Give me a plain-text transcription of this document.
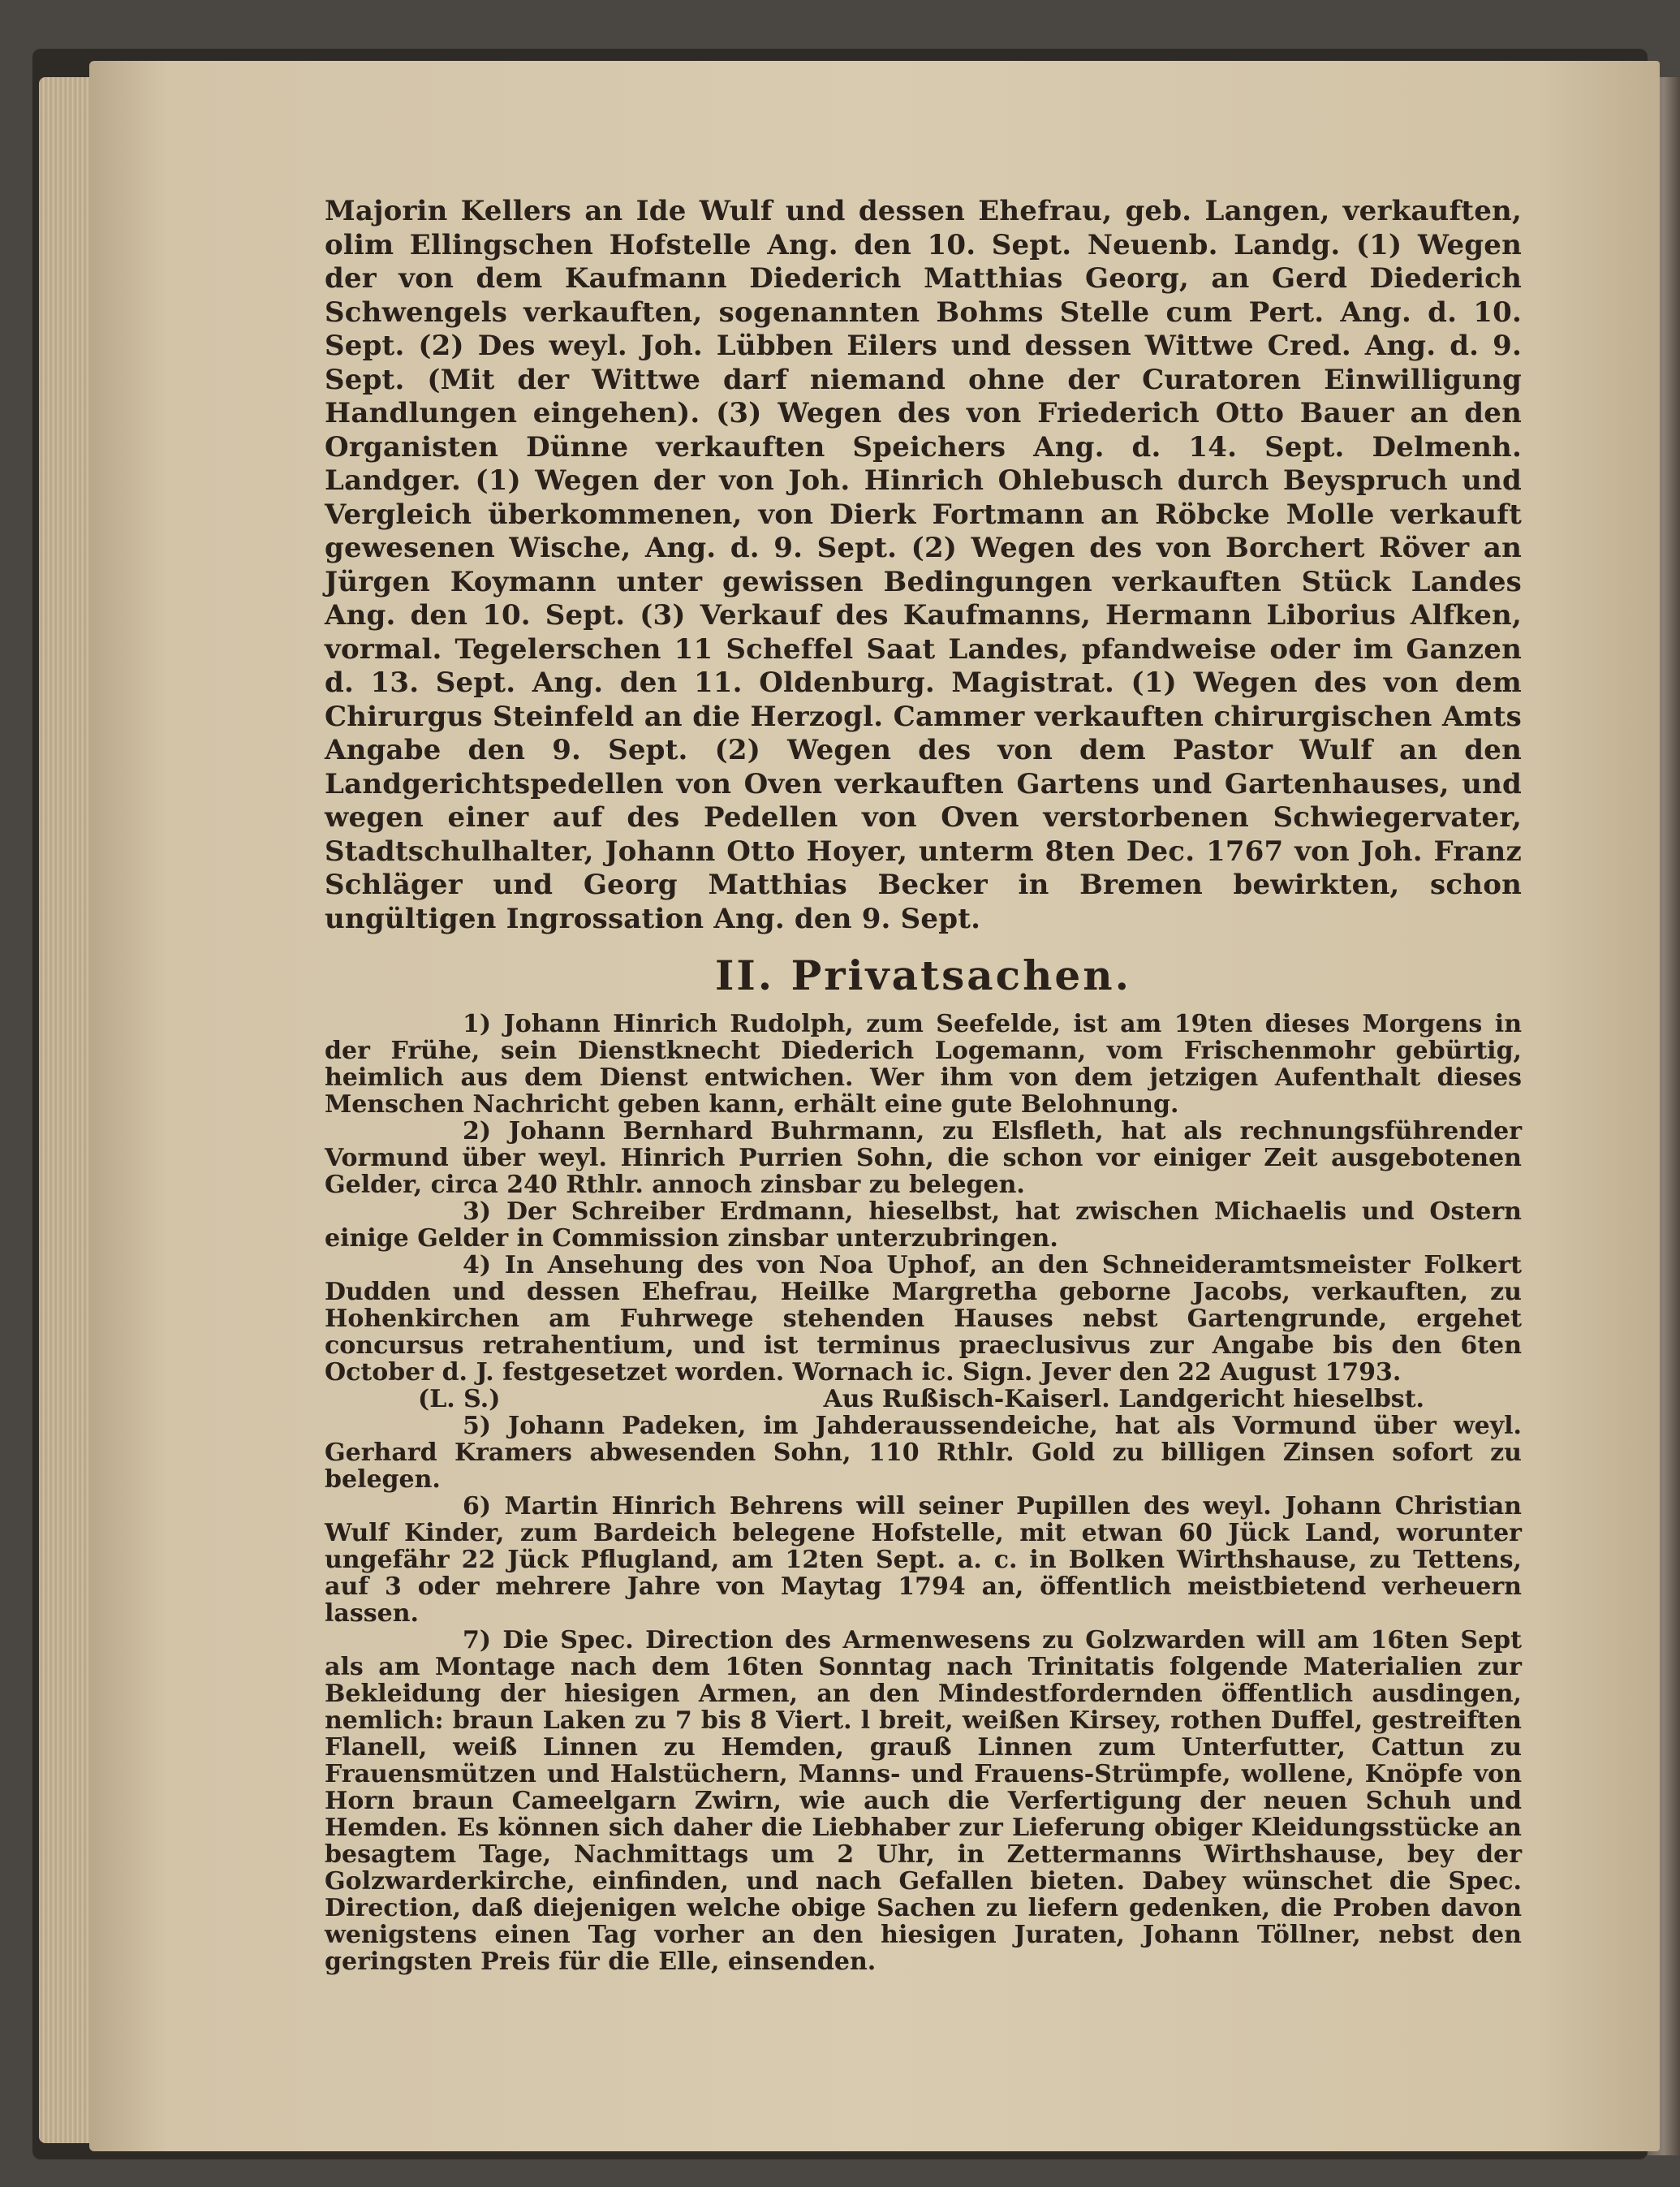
Majorin Kellers an Ide Wulf und dessen Ehefrau, geb. Langen, verkauften, olim Ellingschen Hofstelle Ang. den 10. Sept. Neuenb. Landg. (1) Wegen der von dem Kaufmann Diederich Matthias Georg, an Gerd Diederich Schwengels verkauften, sogenannten Bohms Stelle cum Pert. Ang. d. 10. Sept. (2) Des weyl. Joh. Lübben Eilers und dessen Wittwe Cred. Ang. d. 9. Sept. (Mit der Wittwe darf niemand ohne der Curatoren Einwilligung Handlungen eingehen). (3) Wegen des von Friederich Otto Bauer an den Organisten Dünne verkauften Speichers Ang. d. 14. Sept. Delmenh. Landger. (1) Wegen der von Joh. Hinrich Ohlebusch durch Beyspruch und Vergleich überkommenen, von Dierk Fortmann an Röbcke Molle verkauft gewesenen Wische, Ang. d. 9. Sept. (2) Wegen des von Borchert Röver an Jürgen Koymann unter gewissen Bedingungen verkauften Stück Landes Ang. den 10. Sept. (3) Verkauf des Kaufmanns, Hermann Liborius Alfken, vormal. Tegelerschen 11 Scheffel Saat Landes, pfandweise oder im Ganzen d. 13. Sept. Ang. den 11. Oldenburg. Magistrat. (1) Wegen des von dem Chirurgus Steinfeld an die Herzogl. Cammer verkauften chirurgischen Amts Angabe den 9. Sept. (2) Wegen des von dem Pastor Wulf an den Landgerichtspedellen von Oven verkauften Gartens und Gartenhauses, und wegen einer auf des Pedellen von Oven verstorbenen Schwiegervater, Stadtschulhalter, Johann Otto Hoyer, unterm 8ten Dec. 1767 von Joh. Franz Schläger und Georg Matthias Becker in Bremen bewirkten, schon ungültigen Ingrossation Ang. den 9. Sept.

II. Privatsachen.

1) Johann Hinrich Rudolph, zum Seefelde, ist am 19ten dieses Morgens in der Frühe, sein Dienstknecht Diederich Logemann, vom Frischenmohr gebürtig, heimlich aus dem Dienst entwichen. Wer ihm von dem jetzigen Aufenthalt dieses Menschen Nachricht geben kann, erhält eine gute Belohnung.

2) Johann Bernhard Buhrmann, zu Elsfleth, hat als rechnungsführender Vormund über weyl. Hinrich Purrien Sohn, die schon vor einiger Zeit ausgebotenen Gelder, circa 240 Rthlr. annoch zinsbar zu belegen.

3) Der Schreiber Erdmann, hieselbst, hat zwischen Michaelis und Ostern einige Gelder in Commission zinsbar unterzubringen.

4) In Ansehung des von Noa Uphof, an den Schneideramtsmeister Folkert Dudden und dessen Ehefrau, Heilke Margretha geborne Jacobs, verkauften, zu Hohenkirchen am Fuhrwege stehenden Hauses nebst Gartengrunde, ergehet concursus retrahentium, und ist terminus praeclusivus zur Angabe bis den 6ten October d. J. festgesetzet worden. Wornach ic. Sign. Jever den 22 August 1793.

(L. S.)	Aus Rußisch-Kaiserl. Landgericht hieselbst.

5) Johann Padeken, im Jahderaussendeiche, hat als Vormund über weyl. Gerhard Kramers abwesenden Sohn, 110 Rthlr. Gold zu billigen Zinsen sofort zu belegen.

6) Martin Hinrich Behrens will seiner Pupillen des weyl. Johann Christian Wulf Kinder, zum Bardeich belegene Hofstelle, mit etwan 60 Jück Land, worunter ungefähr 22 Jück Pflugland, am 12ten Sept. a. c. in Bolken Wirthshause, zu Tettens, auf 3 oder mehrere Jahre von Maytag 1794 an, öffentlich meistbietend verheuern lassen.

7) Die Spec. Direction des Armenwesens zu Golzwarden will am 16ten Sept als am Montage nach dem 16ten Sonntag nach Trinitatis folgende Materialien zur Bekleidung der hiesigen Armen, an den Mindestfordernden öffentlich ausdingen, nemlich: braun Laken zu 7 bis 8 Viert. l breit, weißen Kirsey, rothen Duffel, gestreiften Flanell, weiß Linnen zu Hemden, grauß Linnen zum Unterfutter, Cattun zu Frauensmützen und Halstüchern, Manns- und Frauens-Strümpfe, wollene, Knöpfe von Horn braun Cameelgarn Zwirn, wie auch die Verfertigung der neuen Schuh und Hemden. Es können sich daher die Liebhaber zur Lieferung obiger Kleidungsstücke an besagtem Tage, Nachmittags um 2 Uhr, in Zettermanns Wirthshause, bey der Golzwarderkirche, einfinden, und nach Gefallen bieten. Dabey wünschet die Spec. Direction, daß diejenigen welche obige Sachen zu liefern gedenken, die Proben davon wenigstens einen Tag vorher an den hiesigen Juraten, Johann Töllner, nebst den geringsten Preis für die Elle, einsenden.
